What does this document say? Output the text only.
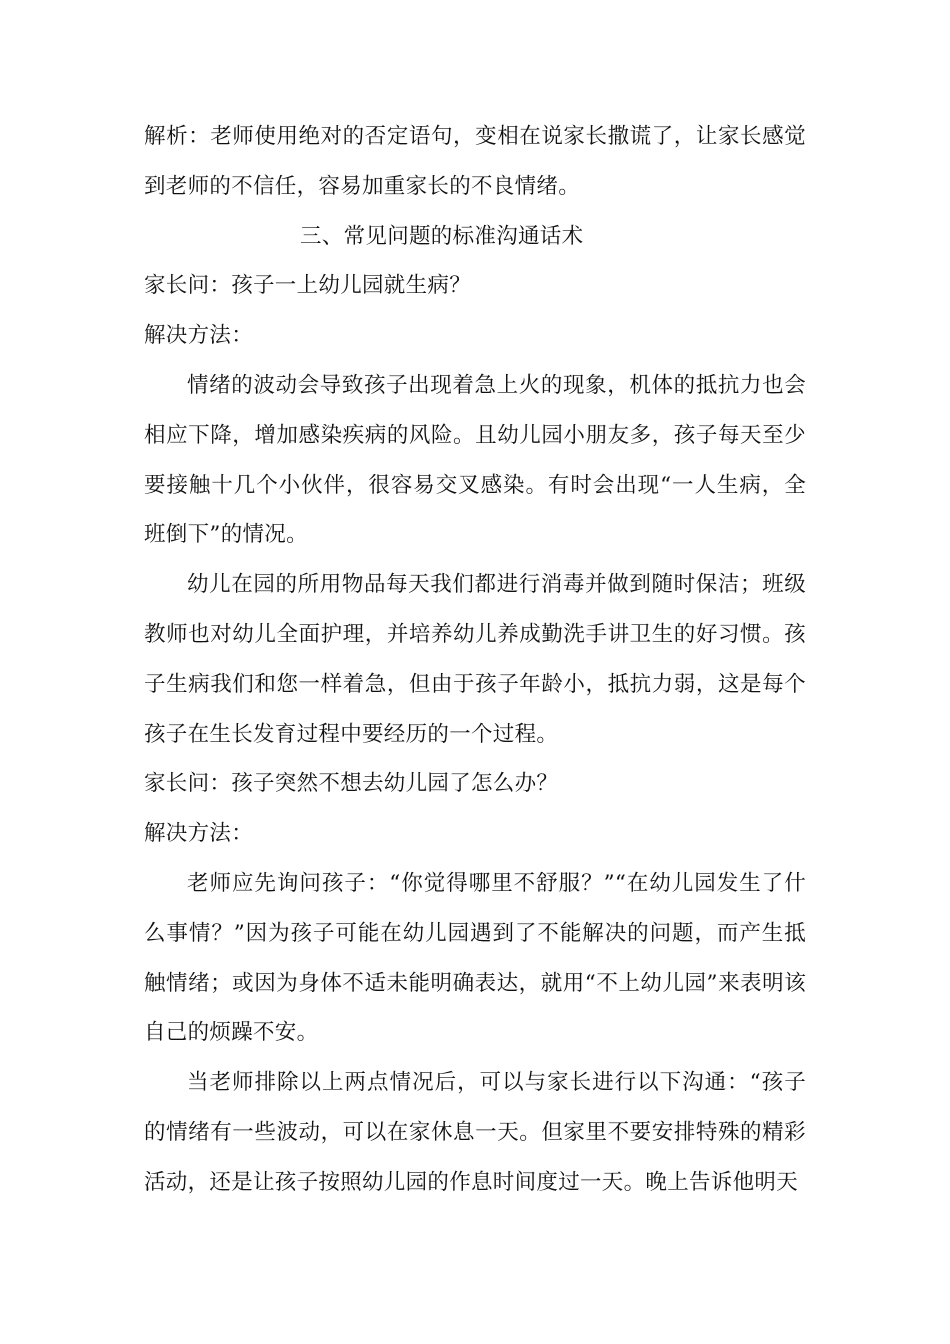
解析：老师使用绝对的否定语句，变相在说家长撒谎了，让家长感觉到老师的不信任，容易加重家长的不良情绪。

三、常见问题的标准沟通话术

家长问：孩子一上幼儿园就生病？

解决方法：

情绪的波动会导致孩子出现着急上火的现象，机体的抵抗力也会相应下降，增加感染疾病的风险。且幼儿园小朋友多，孩子每天至少要接触十几个小伙伴，很容易交叉感染。有时会出现“一人生病，全班倒下”的情况。

幼儿在园的所用物品每天我们都进行消毒并做到随时保洁；班级教师也对幼儿全面护理，并培养幼儿养成勤洗手讲卫生的好习惯。孩子生病我们和您一样着急，但由于孩子年龄小，抵抗力弱，这是每个孩子在生长发育过程中要经历的一个过程。

家长问：孩子突然不想去幼儿园了怎么办？

解决方法：

老师应先询问孩子：“你觉得哪里不舒服？”“在幼儿园发生了什么事情？”因为孩子可能在幼儿园遇到了不能解决的问题，而产生抵触情绪；或因为身体不适未能明确表达，就用“不上幼儿园”来表明该自己的烦躁不安。

当老师排除以上两点情况后，可以与家长进行以下沟通：“孩子的情绪有一些波动，可以在家休息一天。但家里不要安排特殊的精彩活动，还是让孩子按照幼儿园的作息时间度过一天。晚上告诉他明天
